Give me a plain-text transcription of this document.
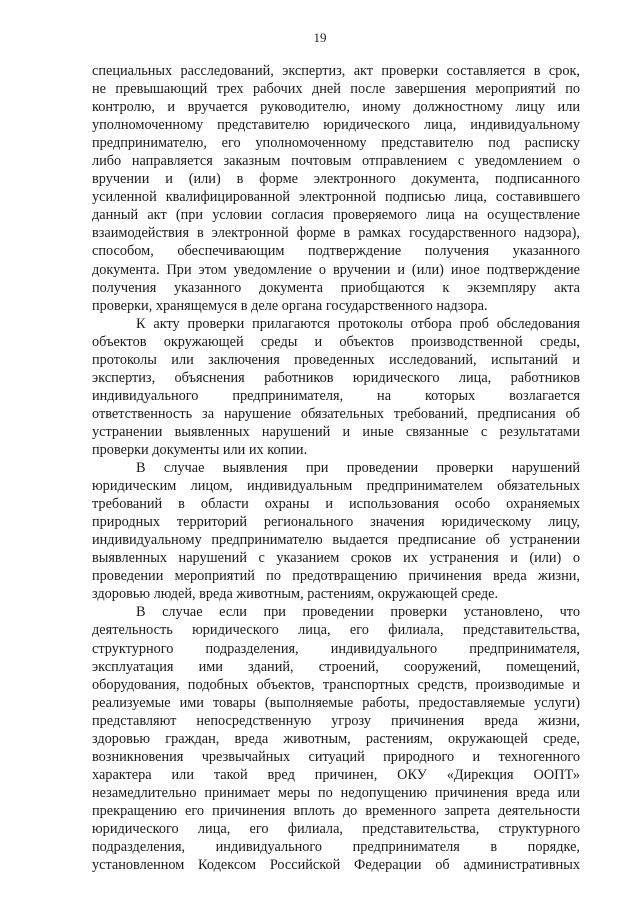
19

специальных расследований, экспертиз, акт проверки составляется в срок,
не превышающий трех рабочих дней после завершения мероприятий по
контролю, и вручается руководителю, иному должностному лицу или
уполномоченному представителю юридического лица, индивидуальному
предпринимателю, его уполномоченному представителю под расписку
либо направляется заказным почтовым отправлением с уведомлением о
вручении и (или) в форме электронного документа, подписанного
усиленной квалифицированной электронной подписью лица, составившего
данный акт (при условии согласия проверяемого лица на осуществление
взаимодействия в электронной форме в рамках государственного надзора),
способом, обеспечивающим подтверждение получения указанного
документа. При этом уведомление о вручении и (или) иное подтверждение
получения указанного документа приобщаются к экземпляру акта
проверки, хранящемуся в деле органа государственного надзора.

К акту проверки прилагаются протоколы отбора проб обследования
объектов окружающей среды и объектов производственной среды,
протоколы или заключения проведенных исследований, испытаний и
экспертиз, объяснения работников юридического лица, работников
индивидуального предпринимателя, на которых возлагается
ответственность за нарушение обязательных требований, предписания об
устранении выявленных нарушений и иные связанные с результатами
проверки документы или их копии.

В случае выявления при проведении проверки нарушений
юридическим лицом, индивидуальным предпринимателем обязательных
требований в области охраны и использования особо охраняемых
природных территорий регионального значения юридическому лицу,
индивидуальному предпринимателю выдается предписание об устранении
выявленных нарушений с указанием сроков их устранения и (или) о
проведении мероприятий по предотвращению причинения вреда жизни,
здоровью людей, вреда животным, растениям, окружающей среде.

В случае если при проведении проверки установлено, что
деятельность юридического лица, его филиала, представительства,
структурного подразделения, индивидуального предпринимателя,
эксплуатация ими зданий, строений, сооружений, помещений,
оборудования, подобных объектов, транспортных средств, производимые и
реализуемые ими товары (выполняемые работы, предоставляемые услуги)
представляют непосредственную угрозу причинения вреда жизни,
здоровью граждан, вреда животным, растениям, окружающей среде,
возникновения чрезвычайных ситуаций природного и техногенного
характера или такой вред причинен, ОКУ «Дирекция ООПТ»
незамедлительно принимает меры по недопущению причинения вреда или
прекращению его причинения вплоть до временного запрета деятельности
юридического лица, его филиала, представительства, структурного
подразделения, индивидуального предпринимателя в порядке,
установленном Кодексом Российской Федерации об административных
